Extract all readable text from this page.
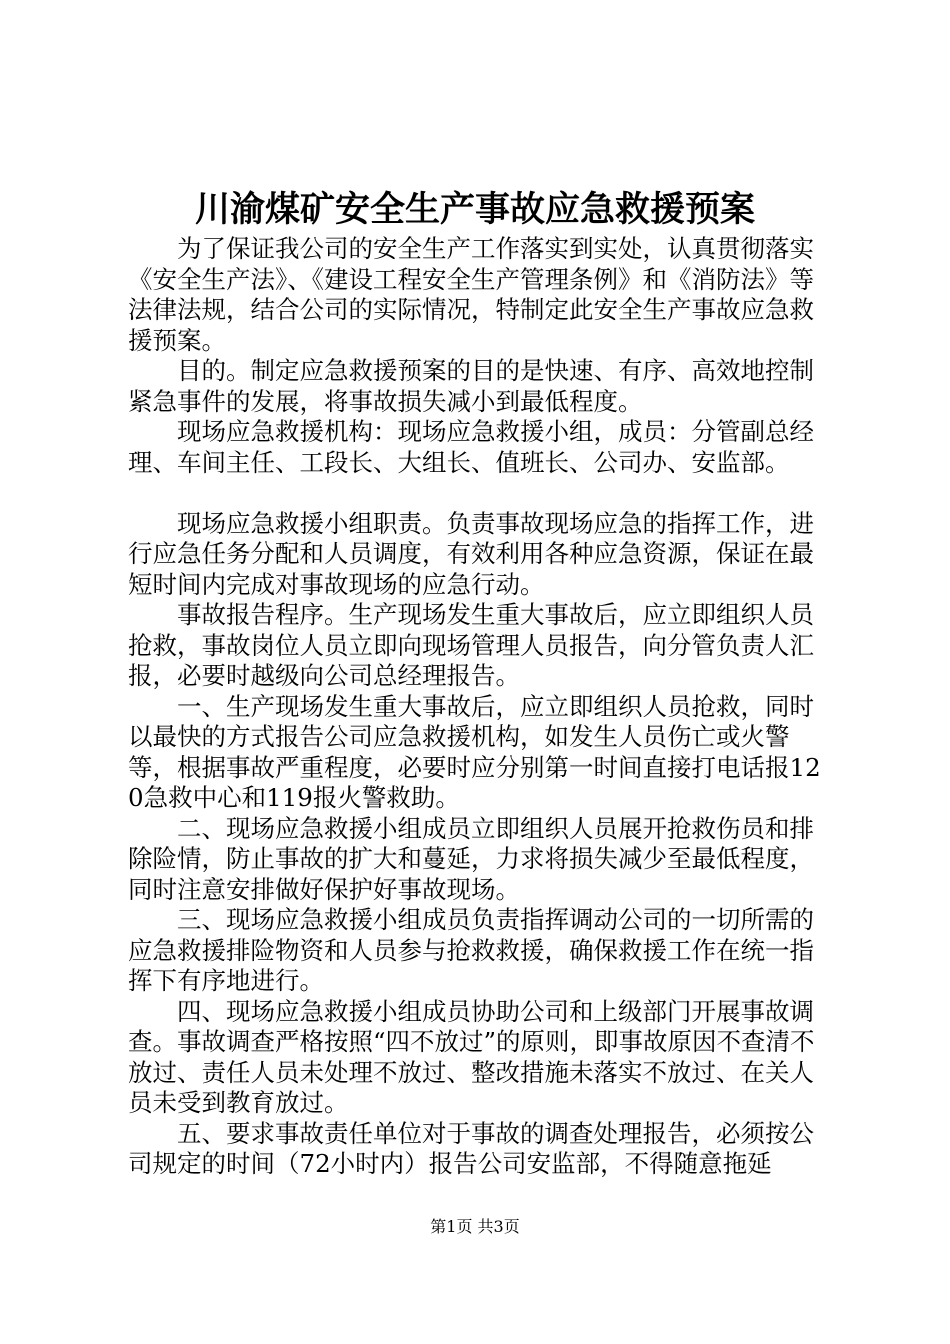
川渝煤矿安全生产事故应急救援预案

为了保证我公司的安全生产工作落实到实处，认真贯彻落实《安全生产法》、《建设工程安全生产管理条例》和《消防法》等法律法规，结合公司的实际情况，特制定此安全生产事故应急救援预案。

目的。制定应急救援预案的目的是快速、有序、高效地控制紧急事件的发展，将事故损失减小到最低程度。

现场应急救援机构：现场应急救援小组，成员：分管副总经理、车间主任、工段长、大组长、值班长、公司办、安监部。

现场应急救援小组职责。负责事故现场应急的指挥工作，进行应急任务分配和人员调度，有效利用各种应急资源，保证在最短时间内完成对事故现场的应急行动。

事故报告程序。生产现场发生重大事故后，应立即组织人员抢救，事故岗位人员立即向现场管理人员报告，向分管负责人汇报，必要时越级向公司总经理报告。

一、生产现场发生重大事故后，应立即组织人员抢救，同时以最快的方式报告公司应急救援机构，如发生人员伤亡或火警等，根据事故严重程度，必要时应分别第一时间直接打电话报120急救中心和119报火警救助。

二、现场应急救援小组成员立即组织人员展开抢救伤员和排除险情，防止事故的扩大和蔓延，力求将损失减少至最低程度，同时注意安排做好保护好事故现场。

三、现场应急救援小组成员负责指挥调动公司的一切所需的应急救援排险物资和人员参与抢救救援，确保救援工作在统一指挥下有序地进行。

四、现场应急救援小组成员协助公司和上级部门开展事故调查。事故调查严格按照“四不放过”的原则，即事故原因不查清不放过、责任人员未处理不放过、整改措施未落实不放过、在关人员未受到教育放过。

五、要求事故责任单位对于事故的调查处理报告，必须按公司规定的时间（72小时内）报告公司安监部，不得随意拖延

第1页 共3页
